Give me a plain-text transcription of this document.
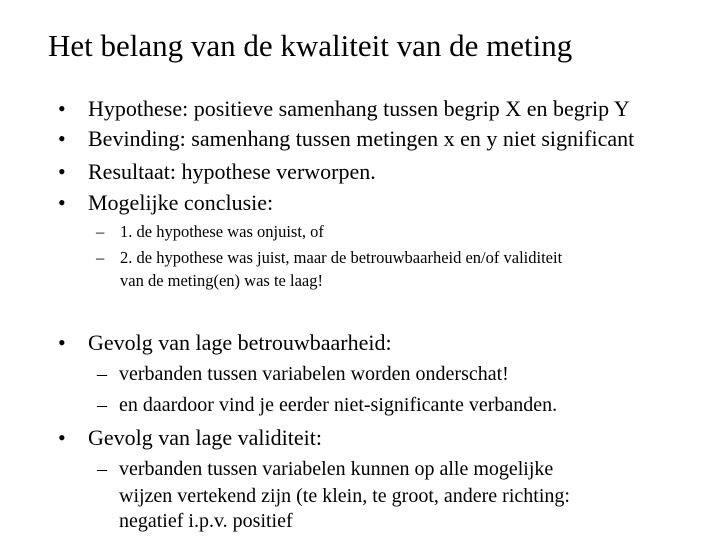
Het belang van de kwaliteit van de meting
• Hypothese: positieve samenhang tussen begrip X en begrip Y
• Bevinding: samenhang tussen metingen x en y niet significant
• Resultaat: hypothese verworpen.
• Mogelijke conclusie:
– 1. de hypothese was onjuist, of
– 2. de hypothese was juist, maar de betrouwbaarheid en/of validiteit
van de meting(en) was te laag!
• Gevolg van lage betrouwbaarheid:
– verbanden tussen variabelen worden onderschat!
– en daardoor vind je eerder niet-significante verbanden.
• Gevolg van lage validiteit:
– verbanden tussen variabelen kunnen op alle mogelijke
wijzen vertekend zijn (te klein, te groot, andere richting:
negatief i.p.v. positief
